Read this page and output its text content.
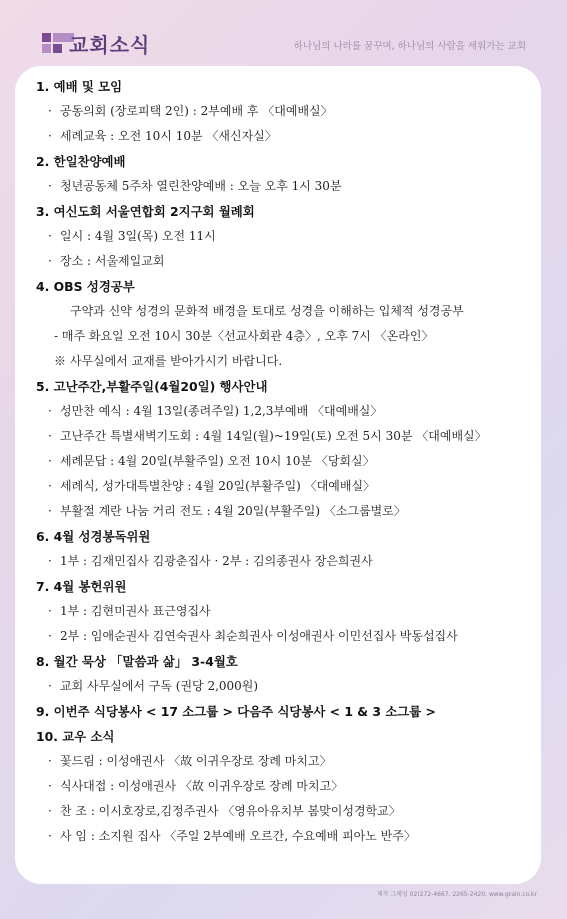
교회소식	하나님의 나라를 꿈꾸며, 하나님의 사람을 세워가는 교회
1. 예배 및 모임
· 공동의회 (장로피택 2인) : 2부예배 후 〈대예배실〉
· 세례교육 : 오전 10시 10분 〈새신자실〉
2. 한일찬양예배
· 청년공동체 5주차 열린찬양예배 : 오늘 오후 1시 30분
3. 여신도회 서울연합회 2지구회 월례회
· 일시 : 4월 3일(목) 오전 11시
· 장소 : 서울제일교회
4. OBS 성경공부
구약과 신약 성경의 문화적 배경을 토대로 성경을 이해하는 입체적 성경공부
- 매주 화요일 오전 10시 30분〈선교사회관 4층〉, 오후 7시 〈온라인〉
※ 사무실에서 교재를 받아가시기 바랍니다.
5. 고난주간,부활주일(4월20일) 행사안내
· 성만찬 예식 : 4월 13일(종려주일) 1,2,3부예배 〈대예배실〉
· 고난주간 특별새벽기도회 : 4월 14일(월)~19일(토) 오전 5시 30분 〈대예배실〉
· 세례문답 : 4월 20일(부활주일) 오전 10시 10분 〈당회실〉
· 세례식, 성가대특별찬양 : 4월 20일(부활주일) 〈대예배실〉
· 부활절 계란 나눔 거리 전도 : 4월 20일(부활주일) 〈소그룹별로〉
6. 4월 성경봉독위원
· 1부 : 김재민집사 김광춘집사 · 2부 : 김의종권사 장은희권사
7. 4월 봉헌위원
· 1부 : 김현미권사 표근영집사
· 2부 : 임애순권사 김연숙권사 최순희권사 이성애권사 이민선집사 박동섭집사
8. 월간 묵상 「말씀과 삶」 3-4월호
· 교회 사무실에서 구독 (권당 2,000원)
9. 이번주 식당봉사 < 17 소그룹 > 다음주 식당봉사 < 1 & 3 소그룹 >
10. 교우 소식
· 꽃드림 : 이성애권사 〈故 이귀우장로 장례 마치고〉
· 식사대접 : 이성애권사 〈故 이귀우장로 장례 마치고〉
· 찬 조 : 이시호장로,김정주권사 〈영유아유치부 봄맞이성경학교〉
· 사 임 : 소지원 집사 〈주일 2부예배 오르간, 수요예배 피아노 반주〉
제작 그레잉 02)272-4667, 2265-2420, www.grain.co.kr
